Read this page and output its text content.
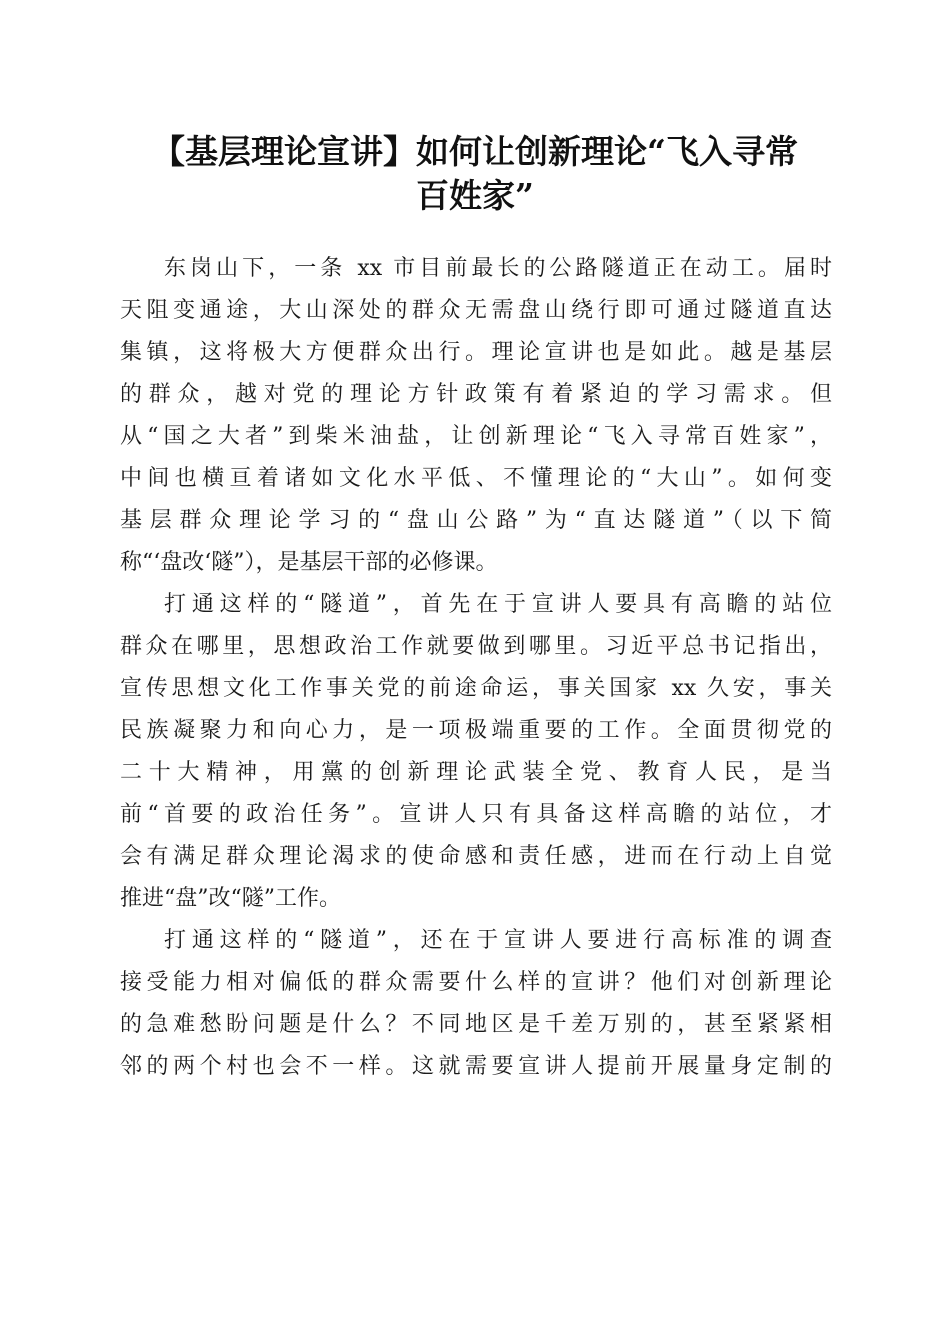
【基层理论宣讲】如何让创新理论“飞入寻常
百姓家”
东岗山下，一条 xx 市目前最长的公路隧道正在动工。届时
天阻变通途，大山深处的群众无需盘山绕行即可通过隧道直达
集镇，这将极大方便群众出行。理论宣讲也是如此。越是基层
的群众，越对党的理论方针政策有着紧迫的学习需求。但
从“国之大者”到柴米油盐，让创新理论“飞入寻常百姓家”，
中间也横亘着诸如文化水平低、不懂理论的“大山”。如何变
基层群众理论学习的“盘山公路”为“直达隧道”（以下简
称“‘盘改‘隧”），是基层干部的必修课。
打通这样的“隧道”，首先在于宣讲人要具有高瞻的站位
群众在哪里，思想政治工作就要做到哪里。习近平总书记指出，
宣传思想文化工作事关党的前途命运，事关国家 xx 久安，事关
民族凝聚力和向心力，是一项极端重要的工作。全面贯彻党的
二十大精神，用黨的创新理论武装全党、教育人民，是当
前“首要的政治任务”。宣讲人只有具备这样高瞻的站位，才
会有满足群众理论渴求的使命感和责任感，进而在行动上自觉
推进“盘”改“隧”工作。
打通这样的“隧道”，还在于宣讲人要进行高标准的调查
接受能力相对偏低的群众需要什么样的宣讲？他们对创新理论
的急难愁盼问题是什么？不同地区是千差万别的，甚至紧紧相
邻的两个村也会不一样。这就需要宣讲人提前开展量身定制的
